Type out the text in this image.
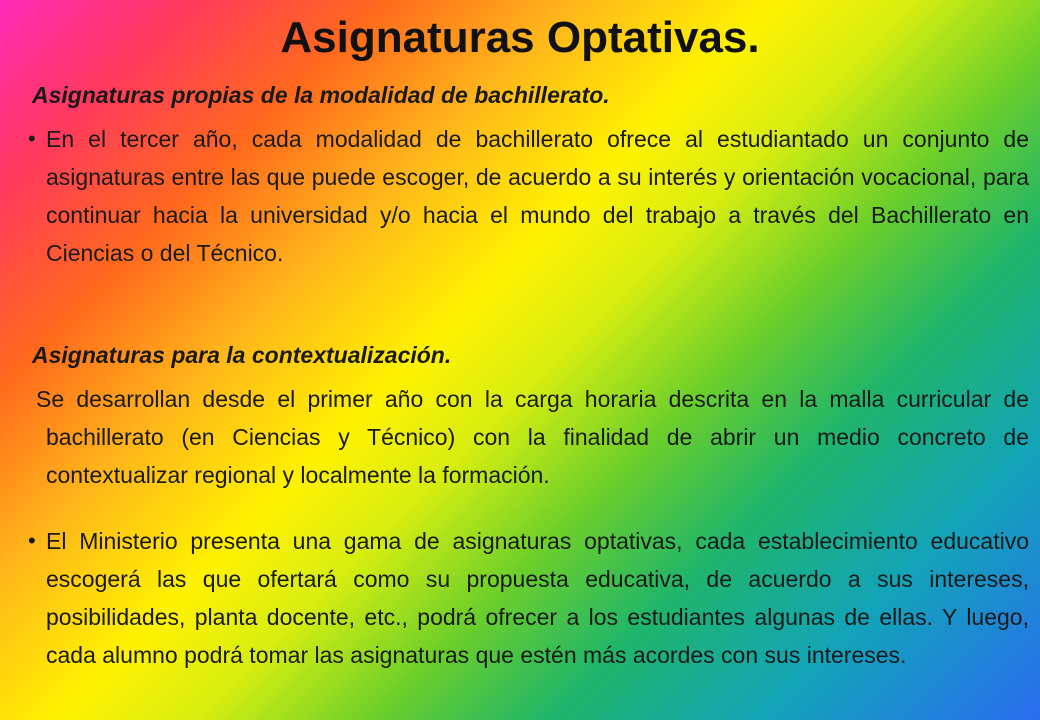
Asignaturas Optativas.
Asignaturas propias de la modalidad de bachillerato.
• En el tercer año, cada modalidad de bachillerato ofrece al estudiantado un conjunto de asignaturas entre las que puede escoger, de acuerdo a su interés y orientación vocacional, para continuar hacia la universidad y/o hacia el mundo del trabajo a través del Bachillerato en Ciencias o del Técnico.
Asignaturas para la contextualización.
Se desarrollan desde el primer año con la carga horaria descrita en la malla curricular de bachillerato (en Ciencias y Técnico) con la finalidad de abrir un medio concreto de contextualizar regional y localmente la formación.
• El Ministerio presenta una gama de asignaturas optativas, cada establecimiento educativo escogerá las que ofertará como su propuesta educativa, de acuerdo a sus intereses, posibilidades, planta docente, etc., podrá ofrecer a los estudiantes algunas de ellas. Y luego, cada alumno podrá tomar las asignaturas que estén más acordes con sus intereses.
